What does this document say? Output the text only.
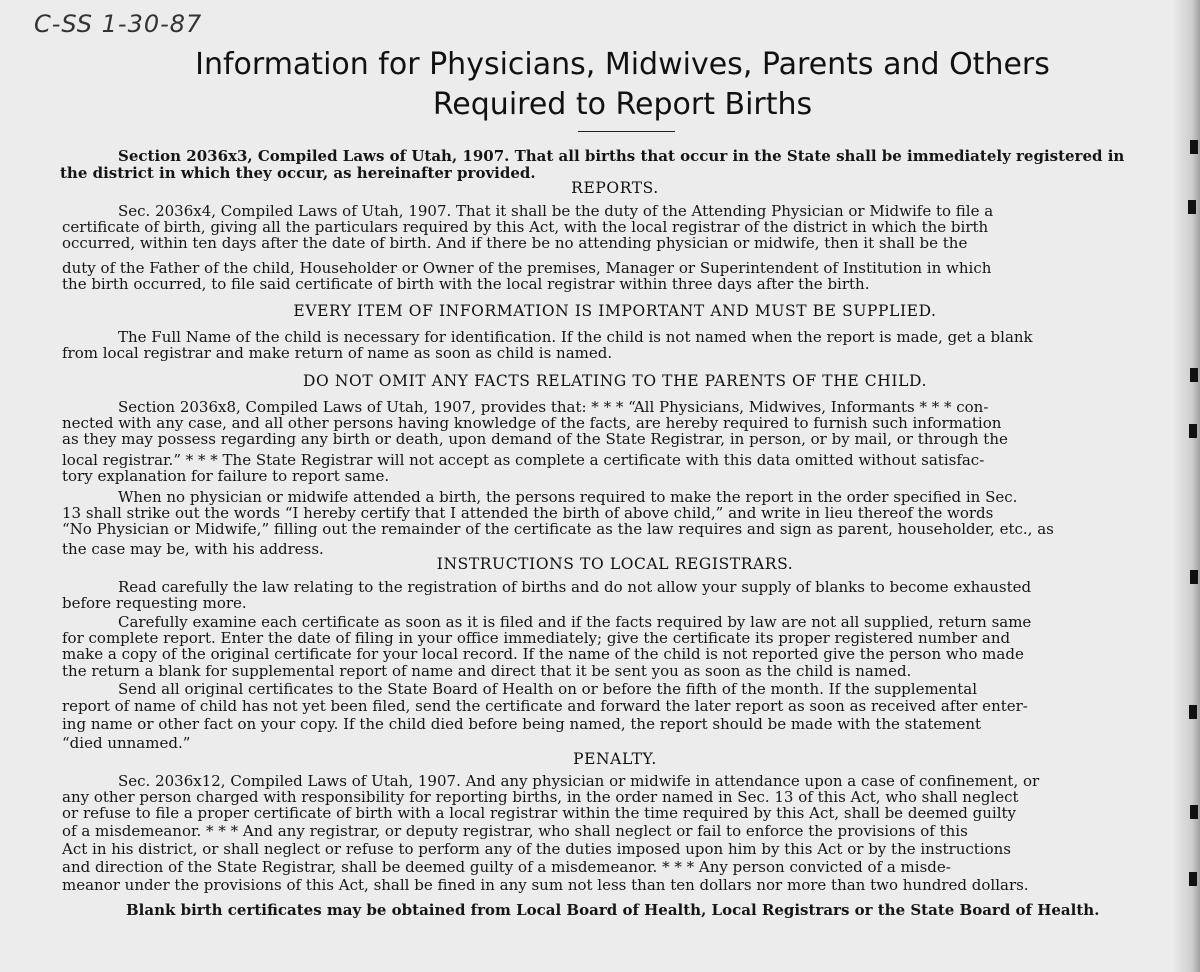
C-SS 1-30-87
Information for Physicians, Midwives, Parents and Others
Required to Report Births
Section 2036x3, Compiled Laws of Utah, 1907. That all births that occur in the State shall be immediately registered in
the district in which they occur, as hereinafter provided.
REPORTS.
Sec. 2036x4, Compiled Laws of Utah, 1907. That it shall be the duty of the Attending Physician or Midwife to file a
certificate of birth, giving all the particulars required by this Act, with the local registrar of the district in which the birth
occurred, within ten days after the date of birth. And if there be no attending physician or midwife, then it shall be the
duty of the Father of the child, Householder or Owner of the premises, Manager or Superintendent of Institution in which
the birth occurred, to file said certificate of birth with the local registrar within three days after the birth.
EVERY ITEM OF INFORMATION IS IMPORTANT AND MUST BE SUPPLIED.
The Full Name of the child is necessary for identification. If the child is not named when the report is made, get a blank
from local registrar and make return of name as soon as child is named.
DO NOT OMIT ANY FACTS RELATING TO THE PARENTS OF THE CHILD.
Section 2036x8, Compiled Laws of Utah, 1907, provides that: * * * “All Physicians, Midwives, Informants * * * con-
nected with any case, and all other persons having knowledge of the facts, are hereby required to furnish such information
as they may possess regarding any birth or death, upon demand of the State Registrar, in person, or by mail, or through the
local registrar.” * * * The State Registrar will not accept as complete a certificate with this data omitted without satisfac-
tory explanation for failure to report same.
When no physician or midwife attended a birth, the persons required to make the report in the order specified in Sec.
13 shall strike out the words “I hereby certify that I attended the birth of above child,” and write in lieu thereof the words
“No Physician or Midwife,” filling out the remainder of the certificate as the law requires and sign as parent, householder, etc., as
the case may be, with his address.
INSTRUCTIONS TO LOCAL REGISTRARS.
Read carefully the law relating to the registration of births and do not allow your supply of blanks to become exhausted
before requesting more.
Carefully examine each certificate as soon as it is filed and if the facts required by law are not all supplied, return same
for complete report. Enter the date of filing in your office immediately; give the certificate its proper registered number and
make a copy of the original certificate for your local record. If the name of the child is not reported give the person who made
the return a blank for supplemental report of name and direct that it be sent you as soon as the child is named.
Send all original certificates to the State Board of Health on or before the fifth of the month. If the supplemental
report of name of child has not yet been filed, send the certificate and forward the later report as soon as received after enter-
ing name or other fact on your copy. If the child died before being named, the report should be made with the statement
“died unnamed.”
PENALTY.
Sec. 2036x12, Compiled Laws of Utah, 1907. And any physician or midwife in attendance upon a case of confinement, or
any other person charged with responsibility for reporting births, in the order named in Sec. 13 of this Act, who shall neglect
or refuse to file a proper certificate of birth with a local registrar within the time required by this Act, shall be deemed guilty
of a misdemeanor. * * * And any registrar, or deputy registrar, who shall neglect or fail to enforce the provisions of this
Act in his district, or shall neglect or refuse to perform any of the duties imposed upon him by this Act or by the instructions
and direction of the State Registrar, shall be deemed guilty of a misdemeanor. * * * Any person convicted of a misde-
meanor under the provisions of this Act, shall be fined in any sum not less than ten dollars nor more than two hundred dollars.
Blank birth certificates may be obtained from Local Board of Health, Local Registrars or the State Board of Health.
